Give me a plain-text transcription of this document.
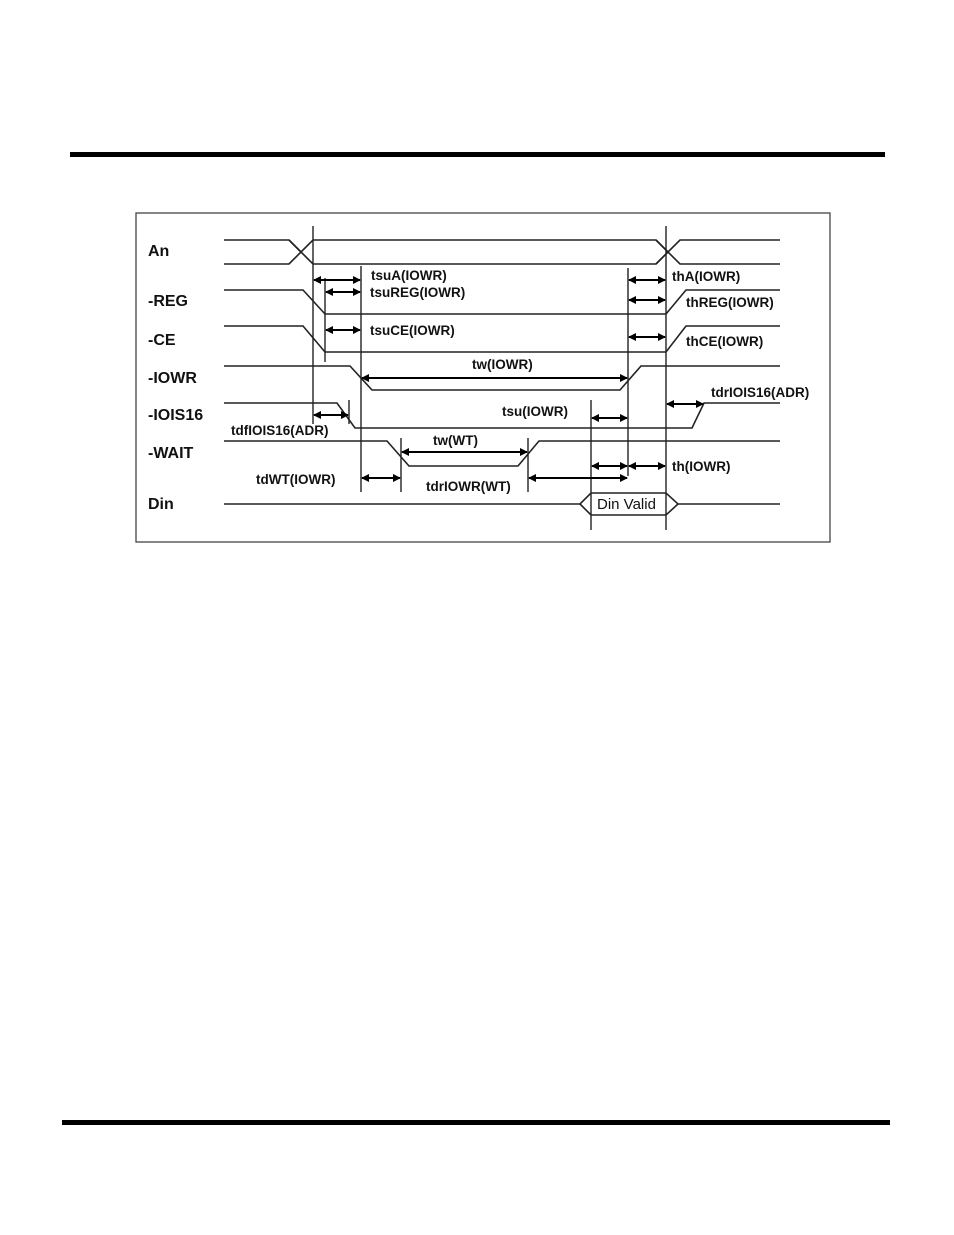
An
-REG
-CE
-IOWR
-IOIS16
-WAIT
Din
tsuA(IOWR)
tsuREG(IOWR)
tsuCE(IOWR)
thA(IOWR)
thREG(IOWR)
thCE(IOWR)
tw(IOWR)
tsu(IOWR)
tdfIOIS16(ADR)
tdrIOIS16(ADR)
tw(WT)
tdWT(IOWR)	tdrIOWR(WT)
th(IOWR)
Din Valid
